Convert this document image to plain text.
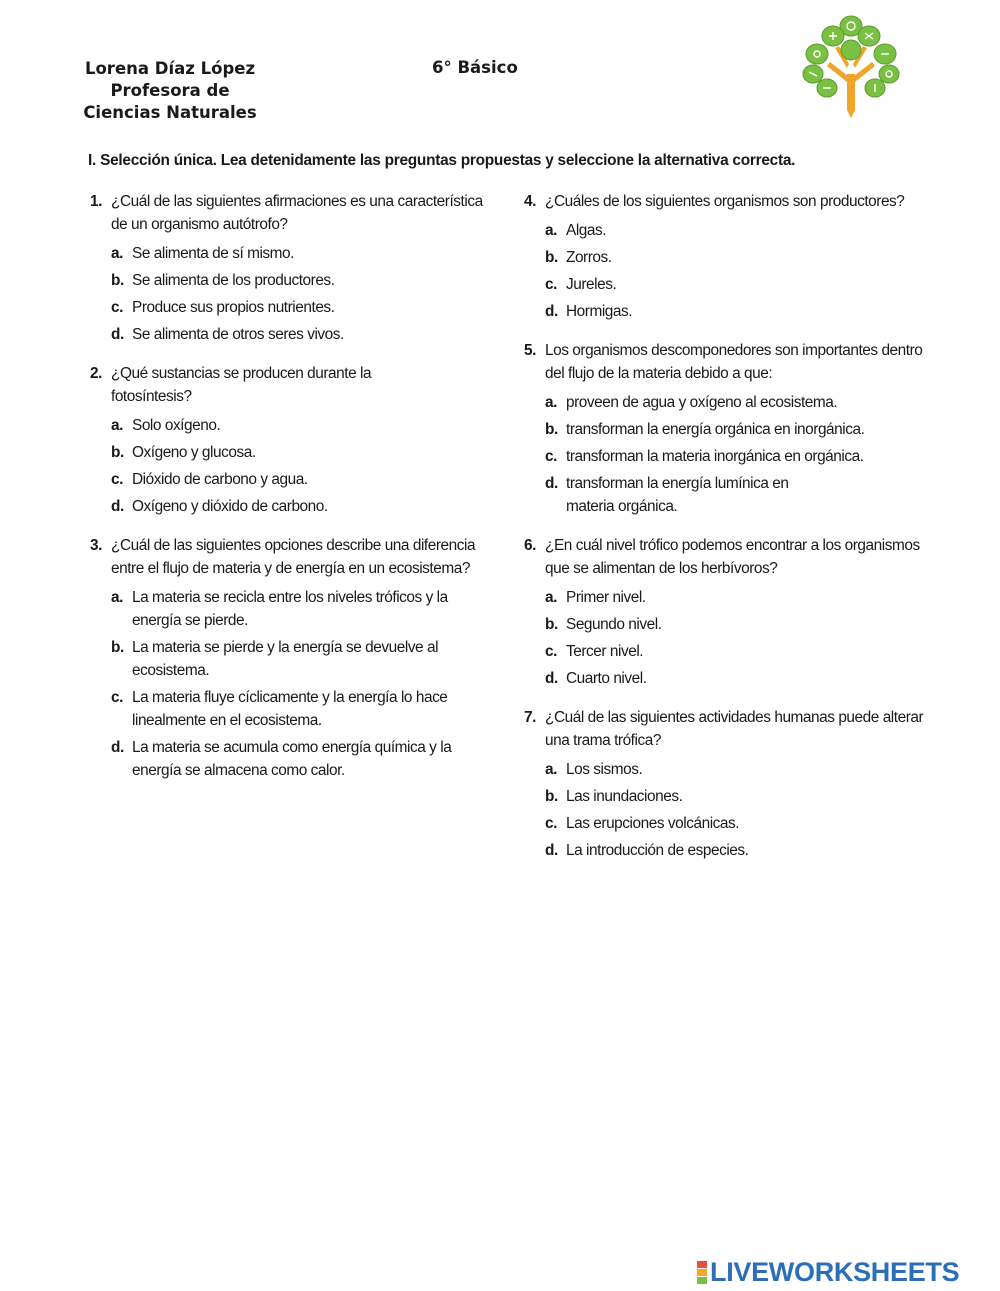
Lorena Díaz López
Profesora de
Ciencias Naturales
6° Básico
I. Selección única. Lea detenidamente las preguntas propuestas y seleccione la alternativa correcta.
1. ¿Cuál de las siguientes afirmaciones es una característica de un organismo autótrofo?
a. Se alimenta de sí mismo.
b. Se alimenta de los productores.
c. Produce sus propios nutrientes.
d. Se alimenta de otros seres vivos.
2. ¿Qué sustancias se producen durante la fotosíntesis?
a. Solo oxígeno.
b. Oxígeno y glucosa.
c. Dióxido de carbono y agua.
d. Oxígeno y dióxido de carbono.
3. ¿Cuál de las siguientes opciones describe una diferencia entre el flujo de materia y de energía en un ecosistema?
a. La materia se recicla entre los niveles tróficos y la energía se pierde.
b. La materia se pierde y la energía se devuelve al ecosistema.
c. La materia fluye cíclicamente y la energía lo hace linealmente en el ecosistema.
d. La materia se acumula como energía química y la energía se almacena como calor.
4. ¿Cuáles de los siguientes organismos son productores?
a. Algas.
b. Zorros.
c. Jureles.
d. Hormigas.
5. Los organismos descomponedores son importantes dentro del flujo de la materia debido a que:
a. proveen de agua y oxígeno al ecosistema.
b. transforman la energía orgánica en inorgánica.
c. transforman la materia inorgánica en orgánica.
d. transforman la energía lumínica en materia orgánica.
6. ¿En cuál nivel trófico podemos encontrar a los organismos que se alimentan de los herbívoros?
a. Primer nivel.
b. Segundo nivel.
c. Tercer nivel.
d. Cuarto nivel.
7. ¿Cuál de las siguientes actividades humanas puede alterar una trama trófica?
a. Los sismos.
b. Las inundaciones.
c. Las erupciones volcánicas.
d. La introducción de especies.
LIVEWORKSHEETS
